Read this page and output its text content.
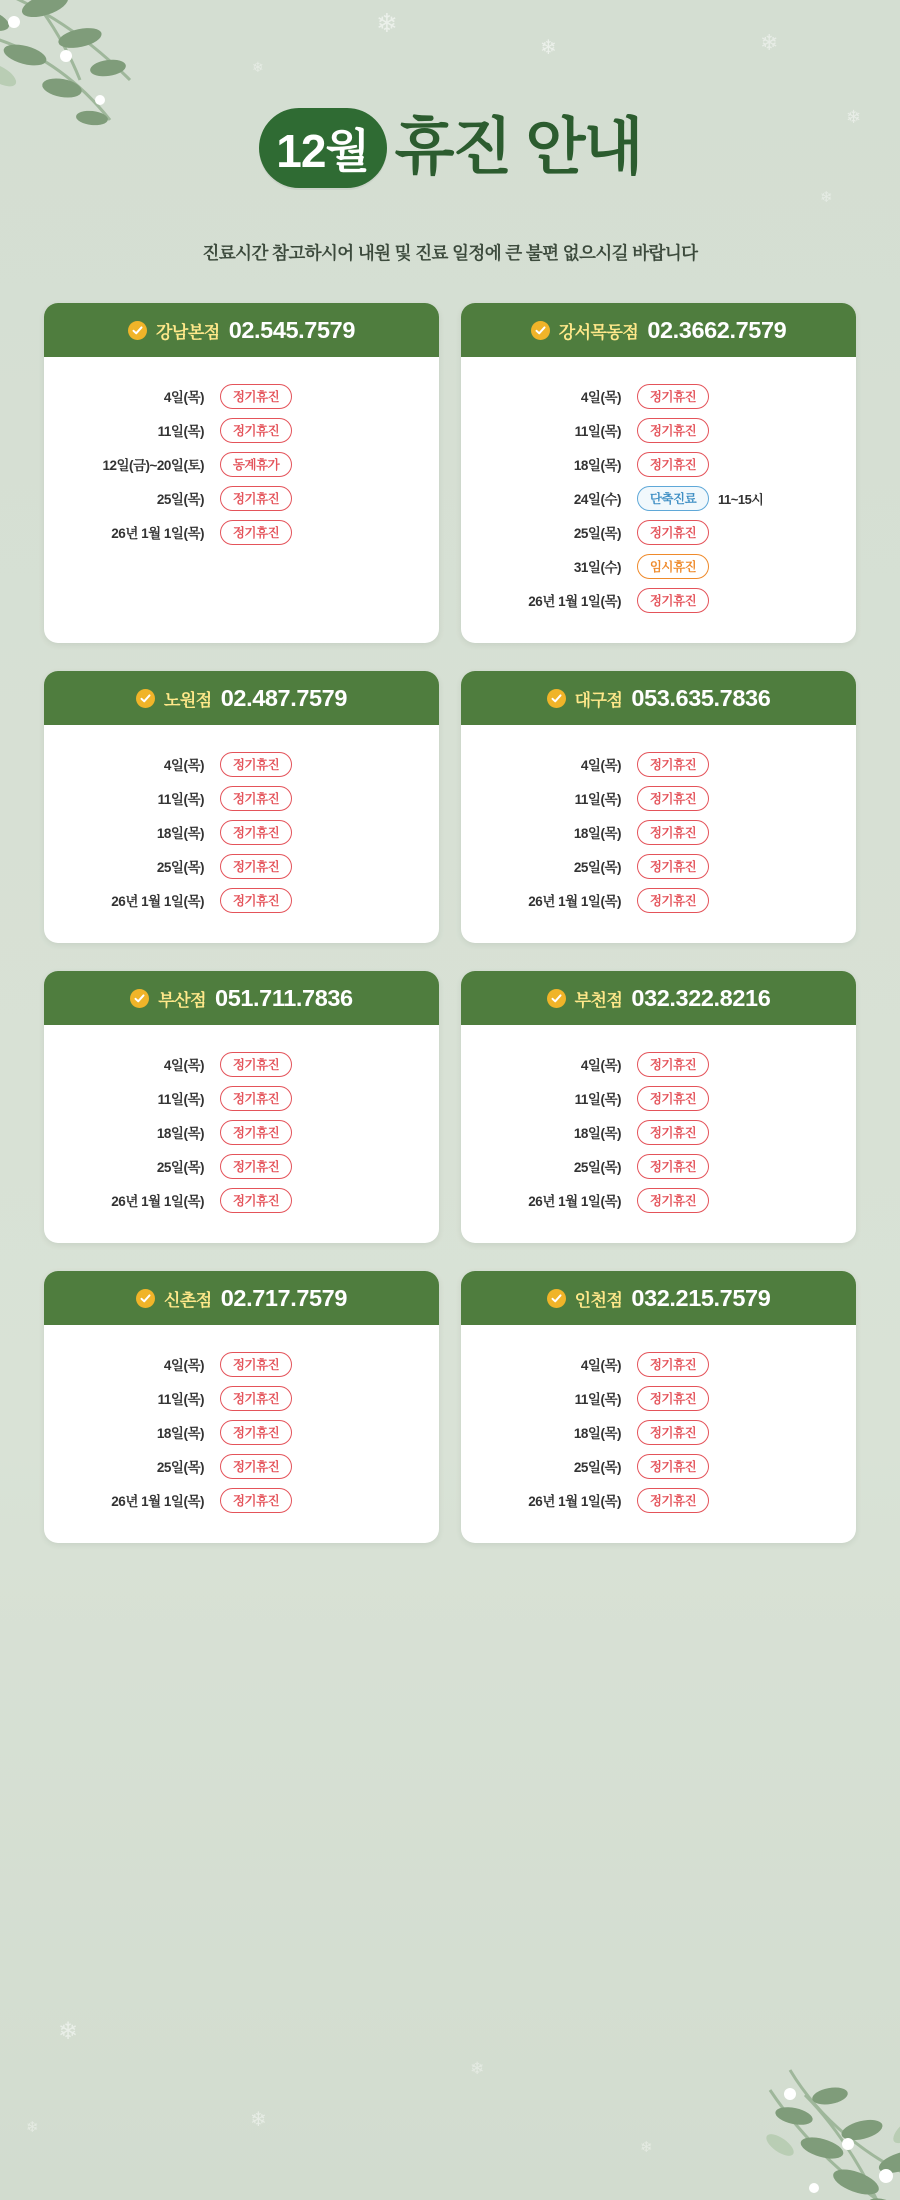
❄
❄	❄
❄
❄
❄
❄
❄
❄
❄
❄
12월 휴진 안내
진료시간 참고하시어 내원 및 진료 일정에 큰 불편 없으시길 바랍니다
강남본점 02.545.7579
4일(목)	정기휴진
11일(목)	정기휴진
12일(금)~20일(토)	동계휴가
25일(목)	정기휴진
26년 1월 1일(목)	정기휴진
강서목동점 02.3662.7579
4일(목)	정기휴진
11일(목)	정기휴진
18일(목)	정기휴진
24일(수)	단축진료	11~15시
25일(목)	정기휴진
31일(수)	임시휴진
26년 1월 1일(목)	정기휴진
노원점 02.487.7579
4일(목)	정기휴진
11일(목)	정기휴진
18일(목)	정기휴진
25일(목)	정기휴진
26년 1월 1일(목)	정기휴진
대구점 053.635.7836
4일(목)	정기휴진
11일(목)	정기휴진
18일(목)	정기휴진
25일(목)	정기휴진
26년 1월 1일(목)	정기휴진
부산점 051.711.7836
4일(목)	정기휴진
11일(목)	정기휴진
18일(목)	정기휴진
25일(목)	정기휴진
26년 1월 1일(목)	정기휴진
부천점 032.322.8216
4일(목)	정기휴진
11일(목)	정기휴진
18일(목)	정기휴진
25일(목)	정기휴진
26년 1월 1일(목)	정기휴진
신촌점 02.717.7579
4일(목)	정기휴진
11일(목)	정기휴진
18일(목)	정기휴진
25일(목)	정기휴진
26년 1월 1일(목)	정기휴진
인천점 032.215.7579
4일(목)	정기휴진
11일(목)	정기휴진
18일(목)	정기휴진
25일(목)	정기휴진
26년 1월 1일(목)	정기휴진
